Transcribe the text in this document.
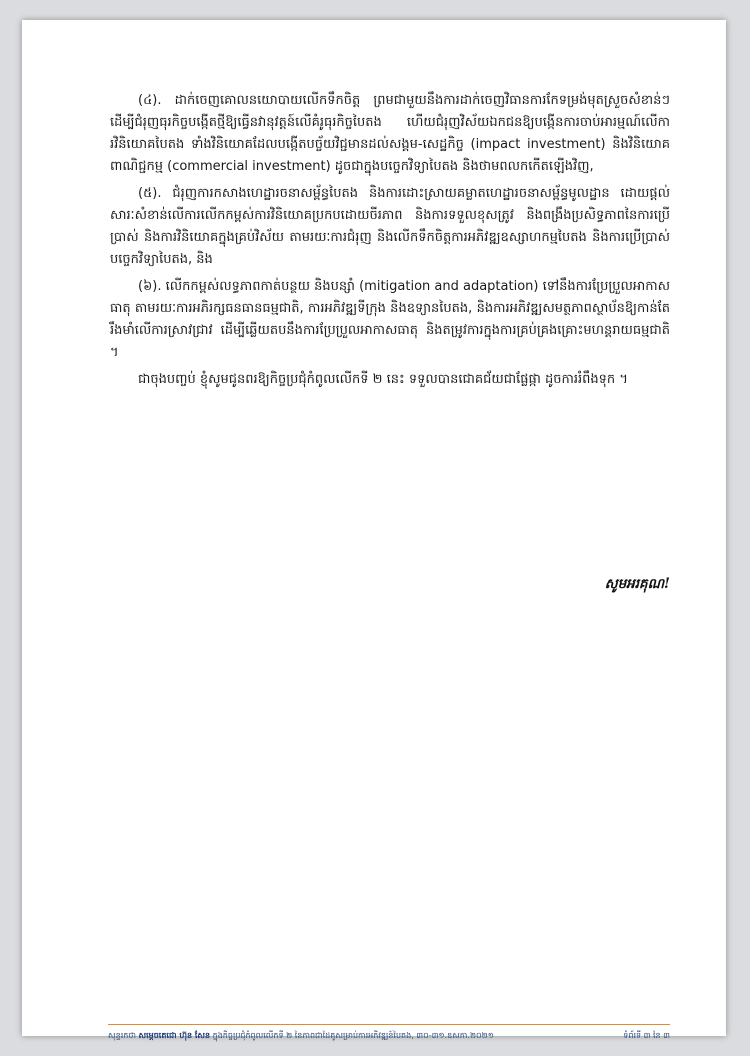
(៤). ដាក់ចេញគោលនយោបាយលើកទឹកចិត្ត ព្រមជាមួយនឹងការដាក់ចេញវិធានការកែទម្រង់មុតស្រួចសំខាន់ៗ ដើម្បីជំរុញធុរកិច្ចបង្កើតថ្មីឱ្យធ្វើនវានុវត្តន៍លើគំរូធុរកិច្ចបៃតង ហើយជំរុញវិស័យឯកជនឱ្យបង្កើនការចាប់អារម្មណ៍លើការវិនិយោគបៃតង ទាំងវិនិយោគដែលបង្កើតបច្ច័យវិជ្ជមានដល់សង្គម-សេដ្ឋកិច្ច (impact investment) និងវិនិយោគពាណិជ្ជកម្ម (commercial investment) ដូចជាក្នុងបច្ចេកវិទ្យាបៃតង និងថាមពលកកើតឡើងវិញ,

(៥). ជំរុញការកសាងហេដ្ឋារចនាសម្ព័ន្ធបៃតង និងការដោះស្រាយគម្លាតហេដ្ឋារចនាសម្ព័ន្ធមូលដ្ឋាន ដោយផ្ដល់សារៈសំខាន់លើការលើកកម្ពស់ការវិនិយោគប្រកបដោយចីរភាព និងការទទួលខុសត្រូវ និងពង្រឹងប្រសិទ្ធភាពនៃការប្រើប្រាស់ និងការវិនិយោគក្នុងគ្រប់វិស័យ តាមរយៈការជំរុញ និងលើកទឹកចិត្តការអភិវឌ្ឍឧស្សាហកម្មបៃតង និងការប្រើប្រាស់បច្ចេកវិទ្យាបៃតង, និង

(៦). លើកកម្ពស់លទ្ធភាពកាត់បន្ថយ និងបន្សាំ (mitigation and adaptation) ទៅនឹងការប្រែប្រួលអាកាសធាតុ តាមរយៈការអភិរក្សធនធានធម្មជាតិ, ការអភិវឌ្ឍទីក្រុង និងឧទ្យានបៃតង, និងការអភិវឌ្ឍសមត្ថភាពស្ថាប័នឱ្យកាន់តែរឹងមាំលើការស្រាវជ្រាវ ដើម្បីឆ្លើយតបនឹងការប្រែប្រួលអាកាសធាតុ និងតម្រូវការក្នុងការគ្រប់គ្រងគ្រោះមហន្តរាយធម្មជាតិ ។

ជាចុងបញ្ចប់ ខ្ញុំសូមជូនពរឱ្យកិច្ចប្រជុំកំពូលលើកទី ២ នេះ ទទួលបានជោគជ័យជាផ្លែផ្កា ដូចការរំពឹងទុក ។

សូមអរគុណ!
សុន្ទរកថា សម្ដេចតេជោ ហ៊ុន សែន ក្នុងកិច្ចប្រជុំកំពូលលើកទី ២ នៃភាពជាដៃគូសម្រាប់ការអភិវឌ្ឍន៍បៃតង, ៣០-៣១.ឧសភា.២០២១	ទំព័រទី ៣ នៃ ៣
